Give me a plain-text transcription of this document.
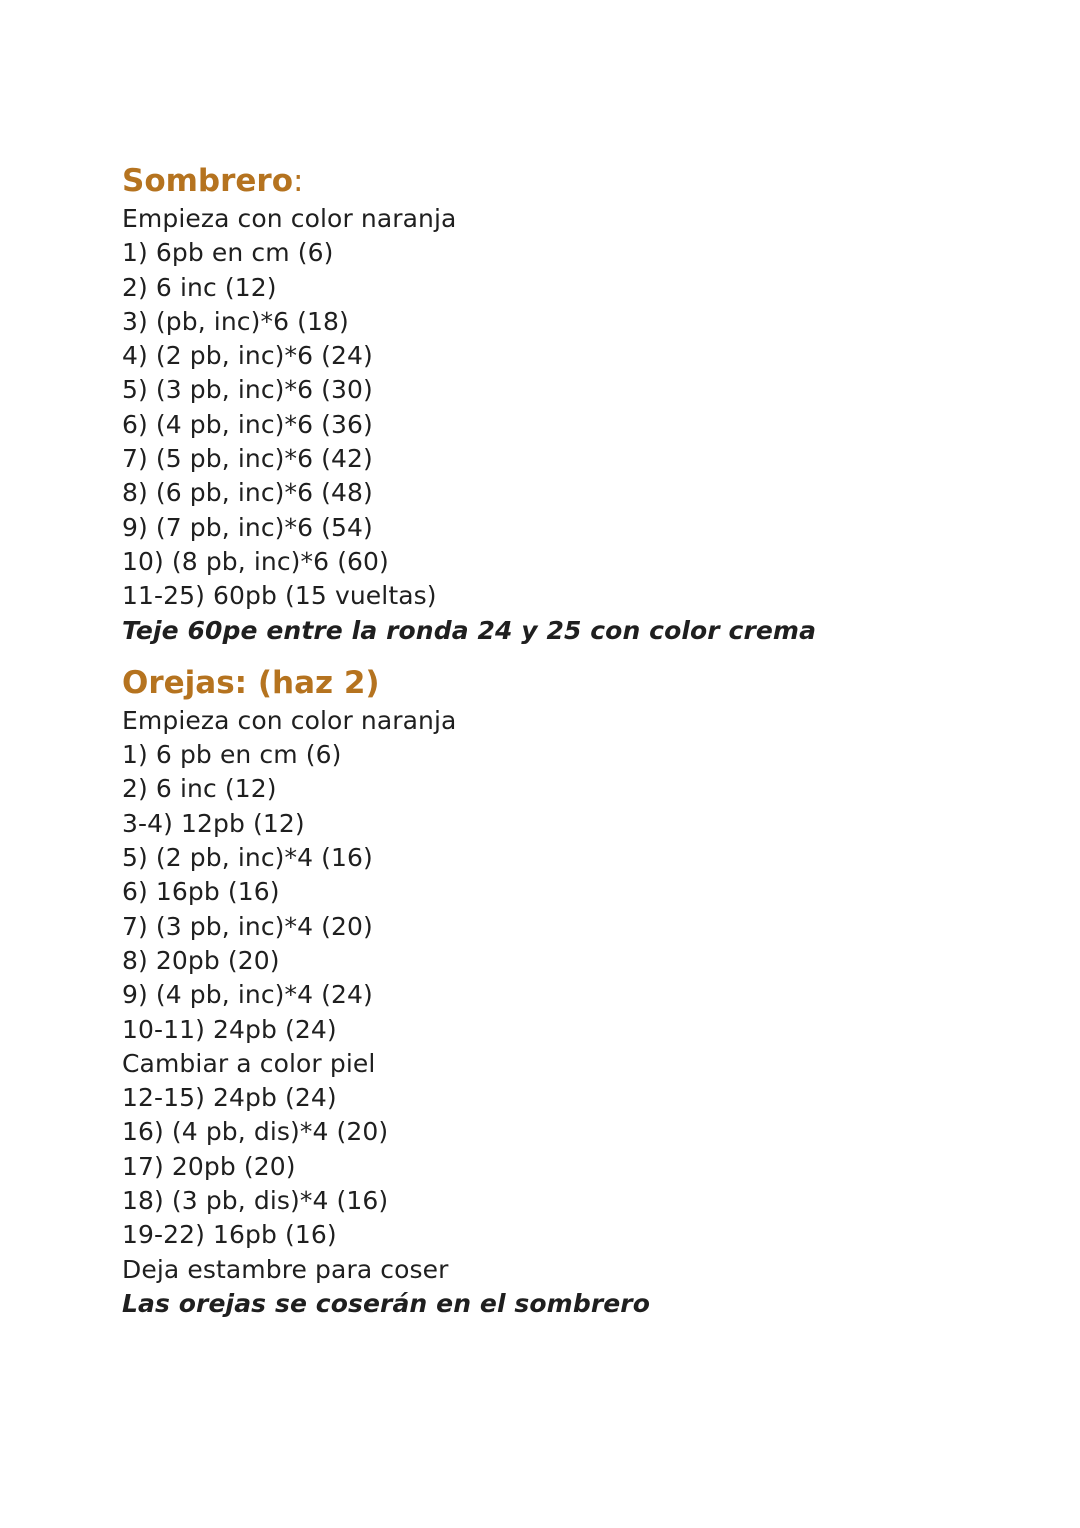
Sombrero:

Empieza con color naranja

1) 6pb en cm (6)

2) 6 inc (12)

3) (pb, inc)*6 (18)

4) (2 pb, inc)*6 (24)

5) (3 pb, inc)*6 (30)

6) (4 pb, inc)*6 (36)

7) (5 pb, inc)*6 (42)

8) (6 pb, inc)*6 (48)

9) (7 pb, inc)*6 (54)

10) (8 pb, inc)*6 (60)

11-25) 60pb (15 vueltas)

Teje 60pe entre la ronda 24 y 25 con color crema

Orejas: (haz 2)

Empieza con color naranja

1) 6 pb en cm (6)

2) 6 inc (12)

3-4) 12pb (12)

5) (2 pb, inc)*4 (16)

6) 16pb (16)

7) (3 pb, inc)*4 (20)

8) 20pb (20)

9) (4 pb, inc)*4 (24)

10-11) 24pb (24)

Cambiar a color piel

12-15) 24pb (24)

16) (4 pb, dis)*4 (20)

17) 20pb (20)

18) (3 pb, dis)*4 (16)

19-22) 16pb (16)

Deja estambre para coser

Las orejas se coserán en el sombrero
